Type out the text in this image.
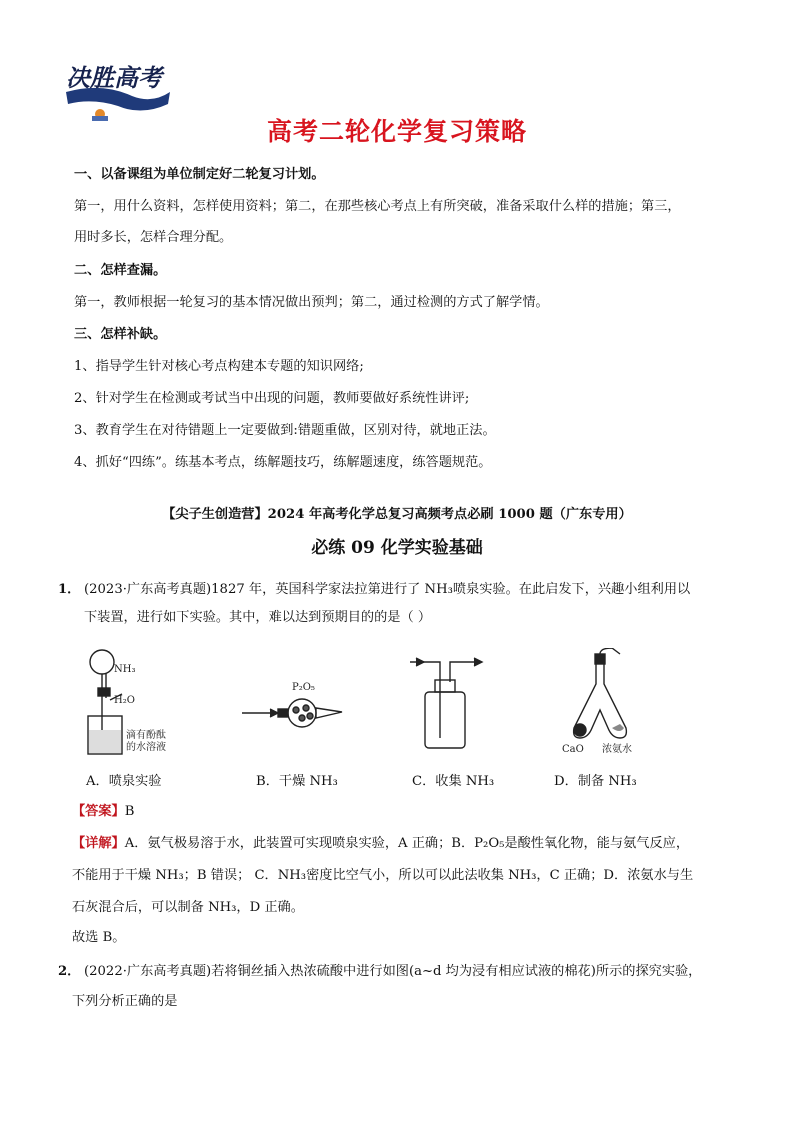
决胜高考
高考二轮化学复习策略
一、以备课组为单位制定好二轮复习计划。
第一，用什么资料，怎样使用资料；第二，在那些核心考点上有所突破，准备采取什么样的措施；第三，
用时多长，怎样合理分配。
二、怎样查漏。
第一，教师根据一轮复习的基本情况做出预判；第二，通过检测的方式了解学情。
三、怎样补缺。
1、指导学生针对核心考点构建本专题的知识网络;
2、针对学生在检测或考试当中出现的问题，教师要做好系统性讲评;
3、教育学生在对待错题上一定要做到:错题重做，区别对待，就地正法。
4、抓好“四练”。练基本考点，练解题技巧，练解题速度，练答题规范。
【尖子生创造营】2024 年高考化学总复习高频考点必刷 1000 题（广东专用）
必练 09 化学实验基础
1． (2023·广东高考真题)1827 年，英国科学家法拉第进行了 NH₃喷泉实验。在此启发下，兴趣小组利用以
下装置，进行如下实验。其中，难以达到预期目的的是（ ）
NH₃
H₂O
滴有酚酞
的水溶液
P₂O₅
CaO 浓氨水
A．喷泉实验	B．干燥 NH₃	C．收集 NH₃	D．制备 NH₃
【答案】B
【详解】A．氨气极易溶于水，此装置可实现喷泉实验，A 正确；B．P₂O₅是酸性氧化物，能与氨气反应，
不能用于干燥 NH₃；B 错误； C．NH₃密度比空气小，所以可以此法收集 NH₃，C 正确；D．浓氨水与生
石灰混合后，可以制备 NH₃，D 正确。
故选 B。
2． (2022·广东高考真题)若将铜丝插入热浓硫酸中进行如图(a~d 均为浸有相应试液的棉花)所示的探究实验，
下列分析正确的是
